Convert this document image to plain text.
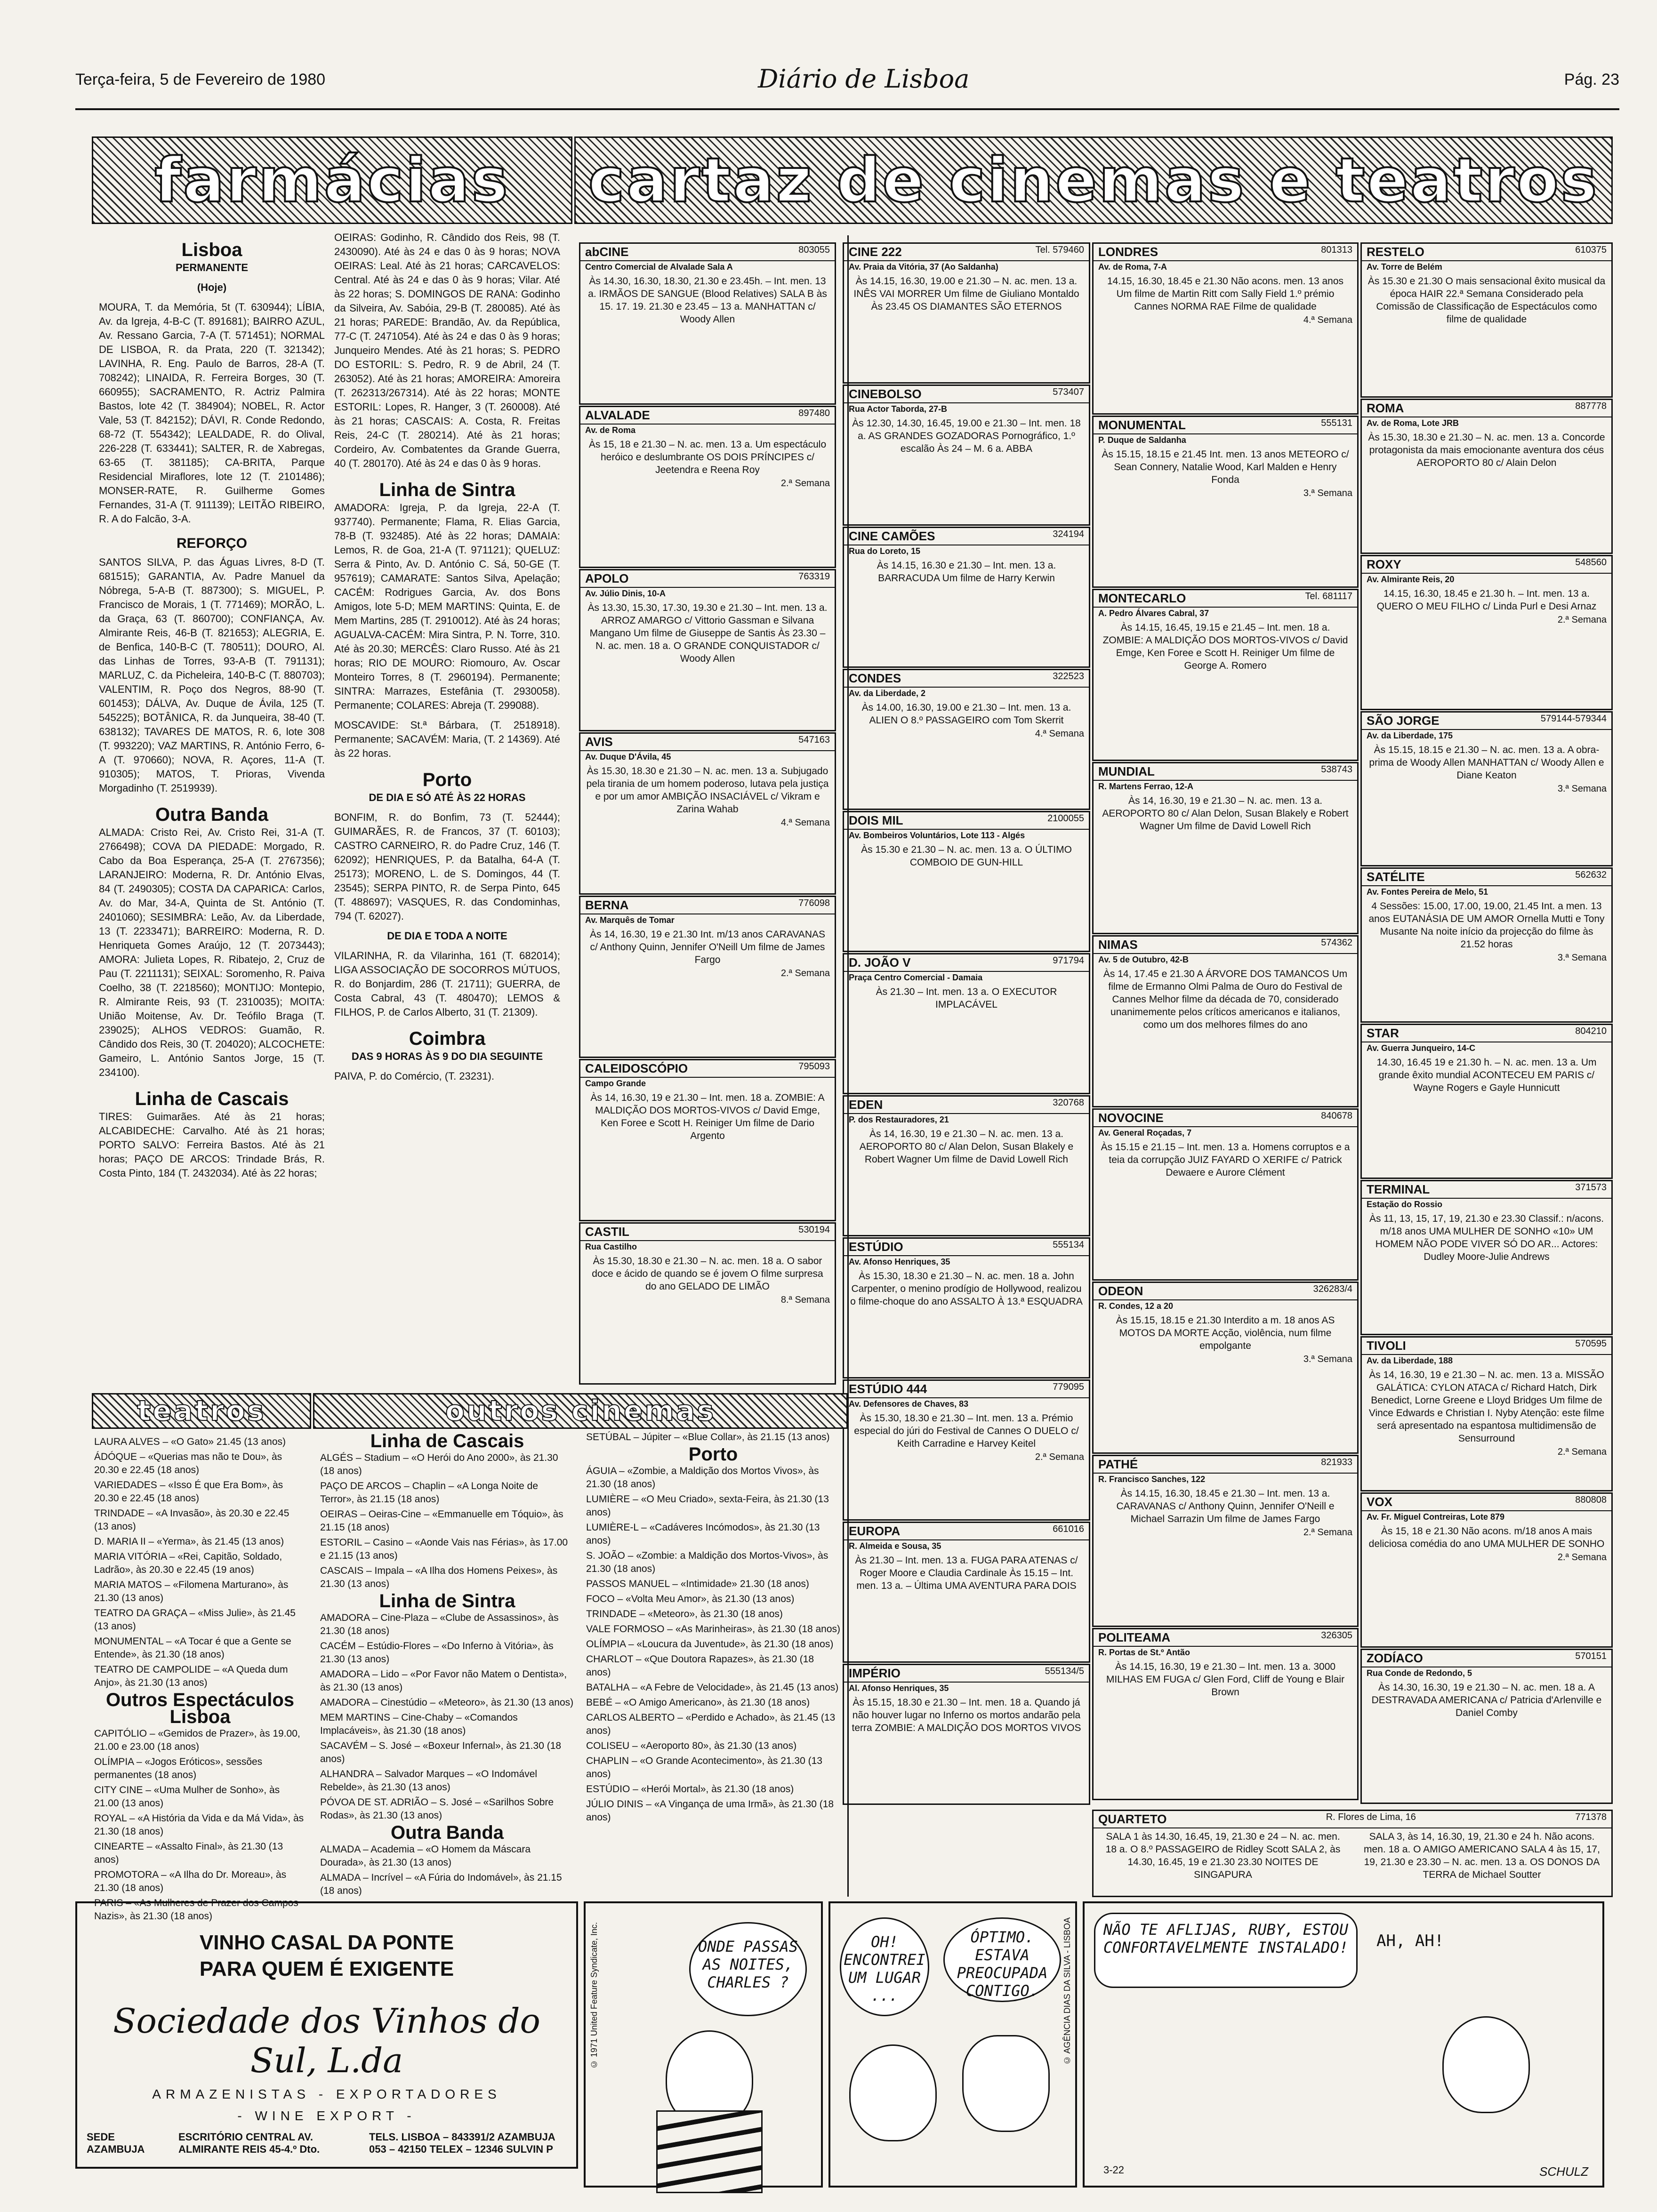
Terça-feira, 5 de Fevereiro de 1980	Diário de Lisboa	Pág. 23
farmácias	cartaz de cinemas e teatros
Lisboa
PERMANENTE
(Hoje)

MOURA, T. da Memória, 5t (T. 630944); LÍBIA, Av. da Igreja, 4-B-C (T. 891681); BAIRRO AZUL, Av. Ressano Garcia, 7-A (T. 571451); NORMAL DE LISBOA, R. da Prata, 220 (T. 321342); LAVINHA, R. Eng. Paulo de Barros, 28-A (T. 708242); LINAIDA, R. Ferreira Borges, 30 (T. 660955); SACRAMENTO, R. Actriz Palmira Bastos, lote 42 (T. 384904); NOBEL, R. Actor Vale, 53 (T. 842152); DÁVI, R. Conde Redondo, 68-72 (T. 554342); LEALDADE, R. do Olival, 226-228 (T. 633441); SALTER, R. de Xabregas, 63-65 (T. 381185); CA-BRITA, Parque Residencial Miraflores, lote 12 (T. 2101486); MONSER-RATE, R. Guilherme Gomes Fernandes, 31-A (T. 911139); LEITÃO RIBEIRO, R. A do Falcão, 3-A.

REFORÇO

SANTOS SILVA, P. das Águas Livres, 8-D (T. 681515); GARANTIA, Av. Padre Manuel da Nóbrega, 5-A-B (T. 887300); S. MIGUEL, P. Francisco de Morais, 1 (T. 771469); MORÃO, L. da Graça, 63 (T. 860700); CONFIANÇA, Av. Almirante Reis, 46-B (T. 821653); ALEGRIA, E. de Benfica, 140-B-C (T. 780511); DOURO, Al. das Linhas de Torres, 93-A-B (T. 791131); MARLUZ, C. da Picheleira, 140-B-C (T. 880703); VALENTIM, R. Poço dos Negros, 88-90 (T. 601453); DÁLVA, Av. Duque de Ávila, 125 (T. 545225); BOTÂNICA, R. da Junqueira, 38-40 (T. 638132); TAVARES DE MATOS, R. 6, lote 308 (T. 993220); VAZ MARTINS, R. António Ferro, 6-A (T. 970660); NOVA, R. Açores, 11-A (T. 910305); MATOS, T. Prioras, Vivenda Morgadinho (T. 2519939).

Outra Banda

ALMADA: Cristo Rei, Av. Cristo Rei, 31-A (T. 2766498); COVA DA PIEDADE: Morgado, R. Cabo da Boa Esperança, 25-A (T. 2767356); LARANJEIRO: Moderna, R. Dr. António Elvas, 84 (T. 2490305); COSTA DA CAPARICA: Carlos, Av. do Mar, 34-A, Quinta de St. António (T. 2401060); SESIMBRA: Leão, Av. da Liberdade, 13 (T. 2233471); BARREIRO: Moderna, R. D. Henriqueta Gomes Araújo, 12 (T. 2073443); AMORA: Julieta Lopes, R. Ribatejo, 2, Cruz de Pau (T. 2211131); SEIXAL: Soromenho, R. Paiva Coelho, 38 (T. 2218560); MONTIJO: Montepio, R. Almirante Reis, 93 (T. 2310035); MOITA: União Moitense, Av. Dr. Teófilo Braga (T. 239025); ALHOS VEDROS: Guamão, R. Cândido dos Reis, 30 (T. 204020); ALCOCHETE: Gameiro, L. António Santos Jorge, 15 (T. 234100).

Linha de Cascais

TIRES: Guimarães. Até às 21 horas; ALCABIDECHE: Carvalho. Até às 21 horas; PORTO SALVO: Ferreira Bastos. Até às 21 horas; PAÇO DE ARCOS: Trindade Brás, R. Costa Pinto, 184 (T. 2432034). Até às 22 horas;

OEIRAS: Godinho, R. Cândido dos Reis, 98 (T. 2430090). Até às 24 e das 0 às 9 horas; NOVA OEIRAS: Leal. Até às 21 horas; CARCAVELOS: Central. Até às 24 e das 0 às 9 horas; Vilar. Até às 22 horas; S. DOMINGOS DE RANA: Godinho da Silveira, Av. Sabóia, 29-B (T. 280085). Até às 21 horas; PAREDE: Brandão, Av. da República, 77-C (T. 2471054). Até às 24 e das 0 às 9 horas; Junqueiro Mendes. Até às 21 horas; S. PEDRO DO ESTORIL: S. Pedro, R. 9 de Abril, 24 (T. 263052). Até às 21 horas; AMOREIRA: Amoreira (T. 262313/267314). Até às 22 horas; MONTE ESTORIL: Lopes, R. Hanger, 3 (T. 260008). Até às 21 horas; CASCAIS: A. Costa, R. Freitas Reis, 24-C (T. 280214). Até às 21 horas; Cordeiro, Av. Combatentes da Grande Guerra, 40 (T. 280170). Até às 24 e das 0 às 9 horas.

Linha de Sintra

AMADORA: Igreja, P. da Igreja, 22-A (T. 937740). Permanente; Flama, R. Elias Garcia, 78-B (T. 932485). Até às 22 horas; DAMAIA: Lemos, R. de Goa, 21-A (T. 971121); QUELUZ: Serra & Pinto, Av. D. António C. Sá, 50-GE (T. 957619); CAMARATE: Santos Silva, Apelação; CACÉM: Rodrigues Garcia, Av. dos Bons Amigos, lote 5-D; MEM MARTINS: Quinta, E. de Mem Martins, 285 (T. 2910012). Até às 24 horas; AGUALVA-CACÉM: Mira Sintra, P. N. Torre, 310. Até às 20.30; MERCÊS: Claro Russo. Até às 21 horas; RIO DE MOURO: Riomouro, Av. Oscar Monteiro Torres, 8 (T. 2960194). Permanente; SINTRA: Marrazes, Estefânia (T. 2930058). Permanente; COLARES: Abreja (T. 299088).

MOSCAVIDE: St.ª Bárbara, (T. 2518918). Permanente; SACAVÉM: Maria, (T. 2 14369). Até às 22 horas.

Porto
DE DIA E SÓ ATÉ ÀS 22 HORAS

BONFIM, R. do Bonfim, 73 (T. 52444); GUIMARÃES, R. de Francos, 37 (T. 60103); CASTRO CARNEIRO, R. do Padre Cruz, 146 (T. 62092); HENRIQUES, P. da Batalha, 64-A (T. 25173); MORENO, L. de S. Domingos, 44 (T. 23545); SERPA PINTO, R. de Serpa Pinto, 645 (T. 488697); VASQUES, R. das Condominhas, 794 (T. 62027).

DE DIA E TODA A NOITE

VILARINHA, R. da Vilarinha, 161 (T. 682014); LIGA ASSOCIAÇÃO DE SOCORROS MÚTUOS, R. do Bonjardim, 286 (T. 21711); GUERRA, de Costa Cabral, 43 (T. 480470); LEMOS & FILHOS, P. de Carlos Alberto, 31 (T. 21309).

Coimbra
DAS 9 HORAS ÀS 9 DO DIA SEGUINTE

PAIVA, P. do Comércio, (T. 23231).

abCINE	803055
Centro Comercial de Alvalade Sala A
Às 14.30, 16.30, 18.30, 21.30 e 23.45h. – Int. men. 13 a. IRMÃOS DE SANGUE (Blood Relatives) SALA B às 15. 17. 19. 21.30 e 23.45 – 13 a. MANHATTAN c/ Woody Allen
ALVALADE	897480
Av. de Roma
Às 15, 18 e 21.30 – N. ac. men. 13 a. Um espectáculo heróico e deslumbrante OS DOIS PRÍNCIPES c/ Jeetendra e Reena Roy
2.ª Semana
APOLO	763319
Av. Júlio Dinis, 10-A
Às 13.30, 15.30, 17.30, 19.30 e 21.30 – Int. men. 13 a. ARROZ AMARGO c/ Vittorio Gassman e Silvana Mangano Um filme de Giuseppe de Santis Às 23.30 – N. ac. men. 18 a. O GRANDE CONQUISTADOR c/ Woody Allen
AVIS	547163
Av. Duque D'Ávila, 45
Às 15.30, 18.30 e 21.30 – N. ac. men. 13 a. Subjugado pela tirania de um homem poderoso, lutava pela justiça e por um amor AMBIÇÃO INSACIÁVEL c/ Vikram e Zarina Wahab
4.ª Semana
BERNA	776098
Av. Marquês de Tomar
Às 14, 16.30, 19 e 21.30 Int. m/13 anos CARAVANAS c/ Anthony Quinn, Jennifer O'Neill Um filme de James Fargo
2.ª Semana
CALEIDOSCÓPIO	795093
Campo Grande
Às 14, 16.30, 19 e 21.30 – Int. men. 18 a. ZOMBIE: A MALDIÇÃO DOS MORTOS-VIVOS c/ David Emge, Ken Foree e Scott H. Reiniger Um filme de Dario Argento
CASTIL	530194
Rua Castilho
Às 15.30, 18.30 e 21.30 – N. ac. men. 18 a. O sabor doce e ácido de quando se é jovem O filme surpresa do ano GELADO DE LIMÃO
8.ª Semana
CINE 222	Tel. 579460
Av. Praia da Vitória, 37 (Ao Saldanha)
Às 14.15, 16.30, 19.00 e 21.30 – N. ac. men. 13 a. INÊS VAI MORRER Um filme de Giuliano Montaldo Às 23.45 OS DIAMANTES SÃO ETERNOS
CINEBOLSO	573407
Rua Actor Taborda, 27-B
Às 12.30, 14.30, 16.45, 19.00 e 21.30 – Int. men. 18 a. AS GRANDES GOZADORAS Pornográfico, 1.º escalão Às 24 – M. 6 a. ABBA
CINE CAMÕES	324194
Rua do Loreto, 15
Às 14.15, 16.30 e 21.30 – Int. men. 13 a. BARRACUDA Um filme de Harry Kerwin
CONDES	322523
Av. da Liberdade, 2
Às 14.00, 16.30, 19.00 e 21.30 – Int. men. 13 a. ALIEN O 8.º PASSAGEIRO com Tom Skerrit
4.ª Semana
DOIS MIL	2100055
Av. Bombeiros Voluntários, Lote 113 - Algés
Às 15.30 e 21.30 – N. ac. men. 13 a. O ÚLTIMO COMBOIO DE GUN-HILL
D. JOÃO V	971794
Praça Centro Comercial - Damaia
Às 21.30 – Int. men. 13 a. O EXECUTOR IMPLACÁVEL
EDEN	320768
P. dos Restauradores, 21
Às 14, 16.30, 19 e 21.30 – N. ac. men. 13 a. AEROPORTO 80 c/ Alan Delon, Susan Blakely e Robert Wagner Um filme de David Lowell Rich
ESTÚDIO	555134
Av. Afonso Henriques, 35
Às 15.30, 18.30 e 21.30 – N. ac. men. 18 a. John Carpenter, o menino prodígio de Hollywood, realizou o filme-choque do ano ASSALTO À 13.ª ESQUADRA
ESTÚDIO 444	779095
Av. Defensores de Chaves, 83
Às 15.30, 18.30 e 21.30 – Int. men. 13 a. Prémio especial do júri do Festival de Cannes O DUELO c/ Keith Carradine e Harvey Keitel
2.ª Semana
EUROPA	661016
R. Almeida e Sousa, 35
Às 21.30 – Int. men. 13 a. FUGA PARA ATENAS c/ Roger Moore e Claudia Cardinale Às 15.15 – Int. men. 13 a. – Última UMA AVENTURA PARA DOIS
IMPÉRIO	555134/5
Al. Afonso Henriques, 35
Às 15.15, 18.30 e 21.30 – Int. men. 18 a. Quando já não houver lugar no Inferno os mortos andarão pela terra ZOMBIE: A MALDIÇÃO DOS MORTOS VIVOS
LONDRES	801313
Av. de Roma, 7-A
14.15, 16.30, 18.45 e 21.30 Não acons. men. 13 anos Um filme de Martin Ritt com Sally Field 1.º prémio Cannes NORMA RAE Filme de qualidade
4.ª Semana
MONUMENTAL	555131
P. Duque de Saldanha
Às 15.15, 18.15 e 21.45 Int. men. 13 anos METEORO c/ Sean Connery, Natalie Wood, Karl Malden e Henry Fonda
3.ª Semana
MONTECARLO	Tel. 681117
A. Pedro Álvares Cabral, 37
Às 14.15, 16.45, 19.15 e 21.45 – Int. men. 18 a. ZOMBIE: A MALDIÇÃO DOS MORTOS-VIVOS c/ David Emge, Ken Foree e Scott H. Reiniger Um filme de George A. Romero
MUNDIAL	538743
R. Martens Ferrao, 12-A
Às 14, 16.30, 19 e 21.30 – N. ac. men. 13 a. AEROPORTO 80 c/ Alan Delon, Susan Blakely e Robert Wagner Um filme de David Lowell Rich
NIMAS	574362
Av. 5 de Outubro, 42-B
Às 14, 17.45 e 21.30 A ÁRVORE DOS TAMANCOS Um filme de Ermanno Olmi Palma de Ouro do Festival de Cannes Melhor filme da década de 70, considerado unanimemente pelos críticos americanos e italianos, como um dos melhores filmes do ano
NOVOCINE	840678
Av. General Roçadas, 7
Às 15.15 e 21.15 – Int. men. 13 a. Homens corruptos e a teia da corrupção JUIZ FAYARD O XERIFE c/ Patrick Dewaere e Aurore Clément
ODEON	326283/4
R. Condes, 12 a 20
Às 15.15, 18.15 e 21.30 Interdito a m. 18 anos AS MOTOS DA MORTE Acção, violência, num filme empolgante
3.ª Semana
PATHÉ	821933
R. Francisco Sanches, 122
Às 14.15, 16.30, 18.45 e 21.30 – Int. men. 13 a. CARAVANAS c/ Anthony Quinn, Jennifer O'Neill e Michael Sarrazin Um filme de James Fargo
2.ª Semana
POLITEAMA	326305
R. Portas de St.º Antão
Às 14.15, 16.30, 19 e 21.30 – Int. men. 13 a. 3000 MILHAS EM FUGA c/ Glen Ford, Cliff de Young e Blair Brown
RESTELO	610375
Av. Torre de Belém
Às 15.30 e 21.30 O mais sensacional êxito musical da época HAIR 22.ª Semana Considerado pela Comissão de Classificação de Espectáculos como filme de qualidade
ROMA	887778
Av. de Roma, Lote JRB
Às 15.30, 18.30 e 21.30 – N. ac. men. 13 a. Concorde protagonista da mais emocionante aventura dos céus AEROPORTO 80 c/ Alain Delon
ROXY	548560
Av. Almirante Reis, 20
14.15, 16.30, 18.45 e 21.30 h. – Int. men. 13 a. QUERO O MEU FILHO c/ Linda Purl e Desi Arnaz
2.ª Semana
SÃO JORGE	579144-579344
Av. da Liberdade, 175
Às 15.15, 18.15 e 21.30 – N. ac. men. 13 a. A obra-prima de Woody Allen MANHATTAN c/ Woody Allen e Diane Keaton
3.ª Semana
SATÉLITE	562632
Av. Fontes Pereira de Melo, 51
4 Sessões: 15.00, 17.00, 19.00, 21.45 Int. a men. 13 anos EUTANÁSIA DE UM AMOR Ornella Mutti e Tony Musante Na noite início da projecção do filme às 21.52 horas
3.ª Semana
STAR	804210
Av. Guerra Junqueiro, 14-C
14.30, 16.45 19 e 21.30 h. – N. ac. men. 13 a. Um grande êxito mundial ACONTECEU EM PARIS c/ Wayne Rogers e Gayle Hunnicutt
TERMINAL	371573
Estação do Rossio
Às 11, 13, 15, 17, 19, 21.30 e 23.30 Classif.: n/acons. m/18 anos UMA MULHER DE SONHO «10» UM HOMEM NÃO PODE VIVER SÓ DO AR... Actores: Dudley Moore-Julie Andrews
TIVOLI	570595
Av. da Liberdade, 188
Às 14, 16.30, 19 e 21.30 – N. ac. men. 13 a. MISSÃO GALÁTICA: CYLON ATACA c/ Richard Hatch, Dirk Benedict, Lorne Greene e Lloyd Bridges Um filme de Vince Edwards e Christian I. Nyby Atenção: este filme será apresentado na espantosa multidimensão de Sensurround
2.ª Semana
VOX	880808
Av. Fr. Miguel Contreiras, Lote 879
Às 15, 18 e 21.30 Não acons. m/18 anos A mais deliciosa comédia do ano UMA MULHER DE SONHO
2.ª Semana
ZODÍACO	570151
Rua Conde de Redondo, 5
Às 14.30, 16.30, 19 e 21.30 – N. ac. men. 18 a. A DESTRAVADA AMERICANA c/ Patricia d'Arlenville e Daniel Comby
QUARTETO	R. Flores de Lima, 16	771378
SALA 1 às 14.30, 16.45, 19, 21.30 e 24 – N. ac. men. 18 a. O 8.º PASSAGEIRO de Ridley Scott SALA 2, às 14.30, 16.45, 19 e 21.30 23.30 NOITES DE SINGAPURA
SALA 3, às 14, 16.30, 19, 21.30 e 24 h. Não acons. men. 18 a. O AMIGO AMERICANO SALA 4 às 15, 17, 19, 21.30 e 23.30 – N. ac. men. 13 a. OS DONOS DA TERRA de Michael Soutter
teatros	outros cinemas
LAURA ALVES – «O Gato» 21.45 (13 anos)
ÁDÓQUE – «Querias mas não te Dou», às 20.30 e 22.45 (18 anos)
VARIEDADES – «Isso É que Era Bom», às 20.30 e 22.45 (18 anos)
TRINDADE – «A Invasão», às 20.30 e 22.45 (13 anos)
D. MARIA II – «Yerma», às 21.45 (13 anos)
MARIA VITÓRIA – «Rei, Capitão, Soldado, Ladrão», às 20.30 e 22.45 (19 anos)
MARIA MATOS – «Filomena Marturano», às 21.30 (13 anos)
TEATRO DA GRAÇA – «Miss Julie», às 21.45 (13 anos)
MONUMENTAL – «A Tocar é que a Gente se Entende», às 21.30 (18 anos)
TEATRO DE CAMPOLIDE – «A Queda dum Anjo», às 21.30 (13 anos)
Outros Espectáculos
Lisboa
CAPITÓLIO – «Gemidos de Prazer», às 19.00, 21.00 e 23.00 (18 anos)
OLÍMPIA – «Jogos Eróticos», sessões permanentes (18 anos)
CITY CINE – «Uma Mulher de Sonho», às 21.00 (13 anos)
ROYAL – «A História da Vida e da Má Vida», às 21.30 (18 anos)
CINEARTE – «Assalto Final», às 21.30 (13 anos)
PROMOTORA – «A Ilha do Dr. Moreau», às 21.30 (18 anos)
PARIS – «As Mulheres de Prazer dos Campos Nazis», às 21.30 (18 anos)
Linha de Cascais
ALGÉS – Stadium – «O Herói do Ano 2000», às 21.30 (18 anos)
PAÇO DE ARCOS – Chaplin – «A Longa Noite de Terror», às 21.15 (18 anos)
OEIRAS – Oeiras-Cine – «Emmanuelle em Tóquio», às 21.15 (18 anos)
ESTORIL – Casino – «Aonde Vais nas Férias», às 17.00 e 21.15 (13 anos)
CASCAIS – Impala – «A Ilha dos Homens Peixes», às 21.30 (13 anos)
Linha de Sintra
AMADORA – Cine-Plaza – «Clube de Assassinos», às 21.30 (18 anos)
CACÉM – Estúdio-Flores – «Do Inferno à Vitória», às 21.30 (13 anos)
AMADORA – Lido – «Por Favor não Matem o Dentista», às 21.30 (13 anos)
AMADORA – Cinestúdio – «Meteoro», às 21.30 (13 anos)
MEM MARTINS – Cine-Chaby – «Comandos Implacáveis», às 21.30 (18 anos)
SACAVÉM – S. José – «Boxeur Infernal», às 21.30 (18 anos)
ALHANDRA – Salvador Marques – «O Indomável Rebelde», às 21.30 (13 anos)
PÓVOA DE ST. ADRIÃO – S. José – «Sarilhos Sobre Rodas», às 21.30 (13 anos)
Outra Banda
ALMADA – Academia – «O Homem da Máscara Dourada», às 21.30 (13 anos)
ALMADA – Incrível – «A Fúria do Indomável», às 21.15 (18 anos)
SETÚBAL – Júpiter – «Blue Collar», às 21.15 (13 anos)
Porto
ÁGUIA – «Zombie, a Maldição dos Mortos Vivos», às 21.30 (18 anos)
LUMIÈRE – «O Meu Criado», sexta-Feira, às 21.30 (13 anos)
LUMIÈRE-L – «Cadáveres Incómodos», às 21.30 (13 anos)
S. JOÃO – «Zombie: a Maldição dos Mortos-Vivos», às 21.30 (18 anos)
PASSOS MANUEL – «Intimidade» 21.30 (18 anos)
FOCO – «Volta Meu Amor», às 21.30 (13 anos)
TRINDADE – «Meteoro», às 21.30 (18 anos)
VALE FORMOSO – «As Marinheiras», às 21.30 (18 anos)
OLÍMPIA – «Loucura da Juventude», às 21.30 (18 anos)
CHARLOT – «Que Doutora Rapazes», às 21.30 (18 anos)
BATALHA – «A Febre de Velocidade», às 21.45 (13 anos)
BEBÉ – «O Amigo Americano», às 21.30 (18 anos)
CARLOS ALBERTO – «Perdido e Achado», às 21.45 (13 anos)
COLISEU – «Aeroporto 80», às 21.30 (13 anos)
CHAPLIN – «O Grande Acontecimento», às 21.30 (13 anos)
ESTÚDIO – «Herói Mortal», às 21.30 (18 anos)
JÚLIO DINIS – «A Vingança de uma Irmã», às 21.30 (18 anos)
VINHO CASAL DA PONTE
PARA QUEM É EXIGENTE
Sociedade dos Vinhos do Sul, L.da
ARMAZENISTAS - EXPORTADORES
- WINE EXPORT -
SEDE AZAMBUJA
ESCRITÓRIO CENTRAL AV. ALMIRANTE REIS 45-4.º Dto.
TELS. LISBOA – 843391/2 AZAMBUJA 053 – 42150 TELEX – 12346 SULVIN P
ONDE PASSAS AS NOITES, CHARLES ?
© 1971 United Feature Syndicate, Inc.	OH! ENCONTREI UM LUGAR ...
ÓPTIMO. ESTAVA PREOCUPADA CONTIGO.	© AGÊNCIA DIAS DA SILVA - LISBOA	NÃO TE AFLIJAS, RUBY, ESTOU CONFORTAVELMENTE INSTALADO!	AH, AH!
3-22	SCHULZ
